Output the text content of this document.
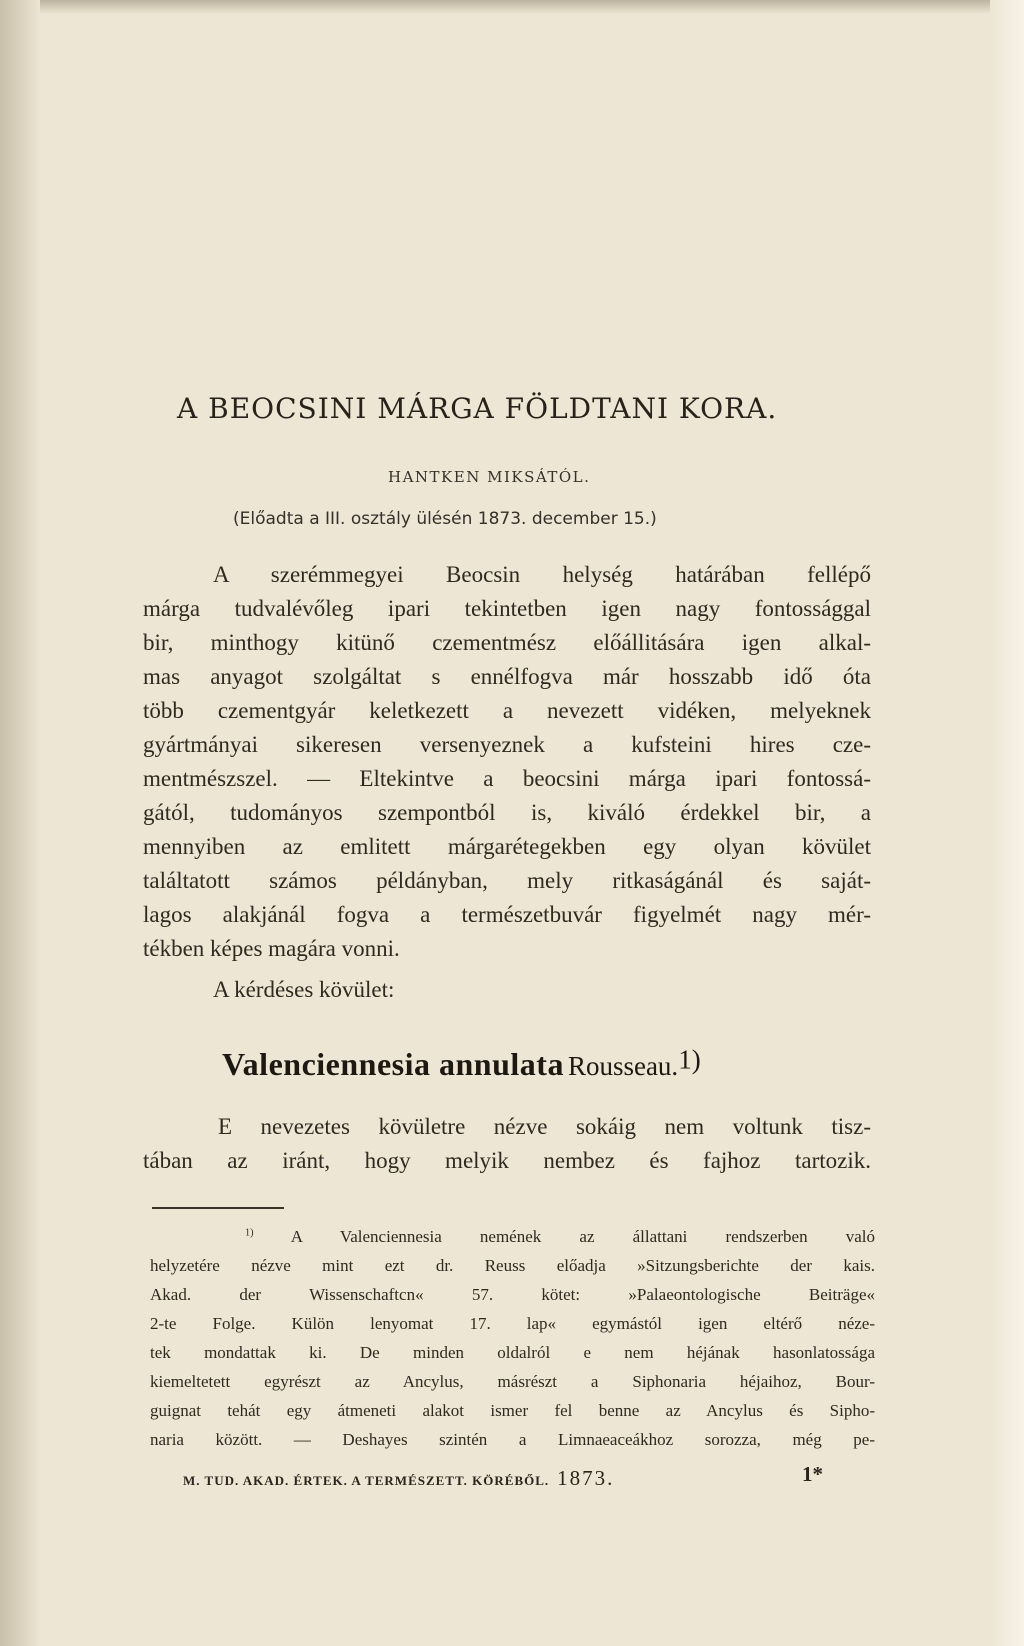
A BEOCSINI MÁRGA FÖLDTANI KORA.
HANTKEN MIKSÁTÓL.
(Előadta a III. osztály ülésén 1873. december 15.)
A szerémmegyei Beocsin helység határában fellépő
márga tudvalévőleg ipari tekintetben igen nagy fontossággal
bir, minthogy kitünő czementmész előállitására igen alkal-
mas anyagot szolgáltat s ennélfogva már hosszabb idő óta
több czementgyár keletkezett a nevezett vidéken, melyeknek
gyártmányai sikeresen versenyeznek a kufsteini hires cze-
mentmészszel. — Eltekintve a beocsini márga ipari fontossá-
gától, tudományos szempontból is, kiváló érdekkel bir, a
mennyiben az emlitett márgarétegekben egy olyan kövület
találtatott számos példányban, mely ritkaságánál és saját-
lagos alakjánál fogva a természetbuvár figyelmét nagy mér-
tékben képes magára vonni.
A kérdéses kövület:
Valenciennesia annulata Rousseau.$^{1)}$
E nevezetes kövületre nézve sokáig nem voltunk tisz-
tában az iránt, hogy melyik nembez és fajhoz tartozik.
$^{1)}$ A Valenciennesia nemének az állattani rendszerben való
helyzetére nézve mint ezt dr. Reuss előadja »Sitzungsberichte der kais.
Akad. der Wissenschaftcn« 57. kötet: »Palaeontologische Beiträge«
2-te Folge. Külön lenyomat 17. lap« egymástól igen eltérő néze-
tek mondattak ki. De minden oldalról e nem héjának hasonlatossága
kiemeltetett egyrészt az Ancylus, másrészt a Siphonaria héjaihoz, Bour-
guignat tehát egy átmeneti alakot ismer fel benne az Ancylus és Sipho-
naria között. — Deshayes szintén a Limnaeaceákhoz sorozza, még pe-
M. TUD. AKAD. ÉRTEK. A TERMÉSZETT. KÖRÉBŐL. 1873.	1*
